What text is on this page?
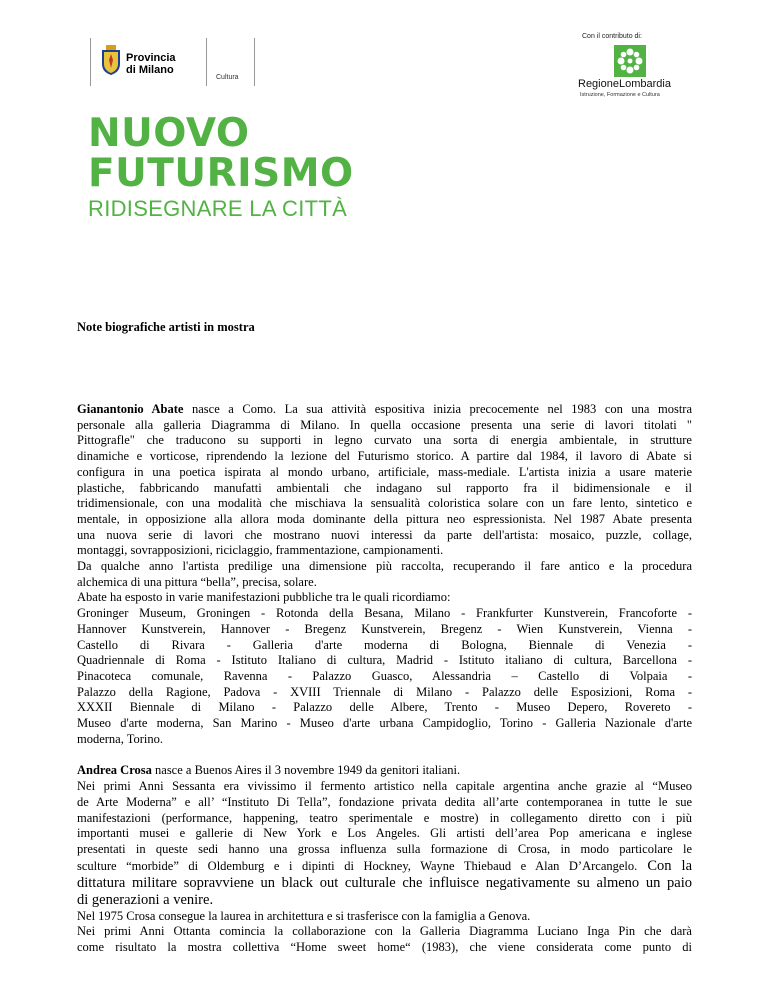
Provincia
di Milano
Cultura
Con il contributo di:
RegioneLombardia
Istruzione, Formazione e Cultura
NUOVO
FUTURISMO
RIDISEGNARE LA CITTÀ
Note biografiche artisti in mostra

Gianantonio Abate nasce a Como. La sua attività espositiva inizia precocemente nel 1983 con una mostra

personale alla galleria Diagramma di Milano. In quella occasione presenta una serie di lavori titolati "

Pittografle" che traducono su supporti in legno curvato una sorta di energia ambientale, in strutture

dinamiche e vorticose, riprendendo la lezione del Futurismo storico. A partire dal 1984, il lavoro di Abate si

configura in una poetica ispirata al mondo urbano, artificiale, mass-mediale. L'artista inizia a usare materie

plastiche, fabbricando manufatti ambientali che indagano sul rapporto fra il bidimensionale e il

tridimensionale, con una modalità che mischiava la sensualità coloristica solare con un fare lento, sintetico e

mentale, in opposizione alla allora moda dominante della pittura neo espressionista. Nel 1987 Abate presenta

una nuova serie di lavori che mostrano nuovi interessi da parte dell'artista: mosaico, puzzle, collage,

montaggi, sovrapposizioni, riciclaggio, frammentazione, campionamenti.

Da qualche anno l'artista predilige una dimensione più raccolta, recuperando il fare antico e la procedura

alchemica di una pittura “bella”, precisa, solare.

Abate ha esposto in varie manifestazioni pubbliche tra le quali ricordiamo:

Groninger Museum, Groningen - Rotonda della Besana, Milano - Frankfurter Kunstverein, Francoforte -

Hannover Kunstverein, Hannover - Bregenz Kunstverein, Bregenz - Wien Kunstverein, Vienna -

Castello di Rivara - Galleria d'arte moderna di Bologna, Biennale di Venezia -

Quadriennale di Roma - Istituto Italiano di cultura, Madrid - Istituto italiano di cultura, Barcellona -

Pinacoteca comunale, Ravenna - Palazzo Guasco, Alessandria – Castello di Volpaia -

Palazzo della Ragione, Padova - XVIII Triennale di Milano - Palazzo delle Esposizioni, Roma -

XXXII Biennale di Milano - Palazzo delle Albere, Trento - Museo Depero, Rovereto -

Museo d'arte moderna, San Marino - Museo d'arte urbana Campidoglio, Torino - Galleria Nazionale d'arte

moderna, Torino.

Andrea Crosa nasce a Buenos Aires il 3 novembre 1949 da genitori italiani.

Nei primi Anni Sessanta era vivissimo il fermento artistico nella capitale argentina anche grazie al “Museo

de Arte Moderna” e all’ “Instituto Di Tella”, fondazione privata dedita all’arte contemporanea in tutte le sue

manifestazioni (performance, happening, teatro sperimentale e mostre) in collegamento diretto con i più

importanti musei e gallerie di New York e Los Angeles. Gli artisti dell’area Pop americana e inglese

presentati in queste sedi hanno una grossa influenza sulla formazione di Crosa, in modo particolare le

sculture “morbide” di Oldemburg e i dipinti di Hockney, Wayne Thiebaud e Alan D’Arcangelo. Con la

dittatura militare sopravviene un black out culturale che influisce negativamente su almeno un paio

di generazioni a venire.

Nel 1975 Crosa consegue la laurea in architettura e si trasferisce con la famiglia a Genova.

Nei primi Anni Ottanta comincia la collaborazione con la Galleria Diagramma Luciano Inga Pin che darà

come risultato la mostra collettiva “Home sweet home“ (1983), che viene considerata come punto di
